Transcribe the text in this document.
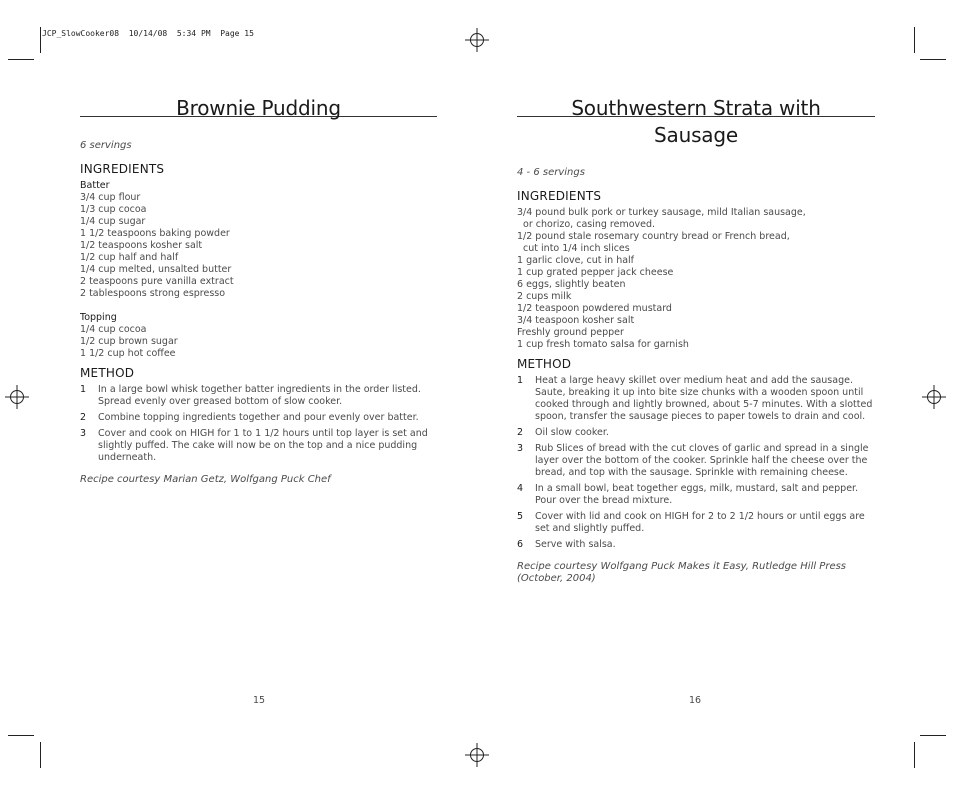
JCP_SlowCooker08  10/14/08  5:34 PM  Page 15
Brownie Pudding

6 servings

INGREDIENTS

Batter

3/4 cup flour

1/3 cup cocoa

1/4 cup sugar

1 1/2 teaspoons baking powder

1/2 teaspoons kosher salt

1/2 cup half and half

1/4 cup melted, unsalted butter

2 teaspoons pure vanilla extract

2 tablespoons strong espresso

Topping

1/4 cup cocoa

1/2 cup brown sugar

1 1/2 cup hot coffee

METHOD

1	In a large bowl whisk together batter ingredients in the order listed. Spread evenly over greased bottom of slow cooker.
2	Combine topping ingredients together and pour evenly over batter.
3	Cover and cook on HIGH for 1 to 1 1/2 hours until top layer is set and slightly puffed. The cake will now be on the top and a nice pudding underneath.

Recipe courtesy Marian Getz, Wolfgang Puck Chef

15
Southwestern Strata with
Sausage

4 - 6 servings

INGREDIENTS

3/4 pound bulk pork or turkey sausage, mild Italian sausage,

or chorizo, casing removed.

1/2 pound stale rosemary country bread or French bread,

cut into 1/4 inch slices

1 garlic clove, cut in half

1 cup grated pepper jack cheese

6 eggs, slightly beaten

2 cups milk

1/2 teaspoon powdered mustard

3/4 teaspoon kosher salt

Freshly ground pepper

1 cup fresh tomato salsa for garnish

METHOD

1	Heat a large heavy skillet over medium heat and add the sausage. Saute, breaking it up into bite size chunks with a wooden spoon until cooked through and lightly browned, about 5-7 minutes. With a slotted spoon, transfer the sausage pieces to paper towels to drain and cool.
2	Oil slow cooker.
3	Rub Slices of bread with the cut cloves of garlic and spread in a single layer over the bottom of the cooker. Sprinkle half the cheese over the bread, and top with the sausage. Sprinkle with remaining cheese.
4	In a small bowl, beat together eggs, milk, mustard, salt and pepper. Pour over the bread mixture.
5	Cover with lid and cook on HIGH for 2 to 2 1/2 hours or until eggs are set and slightly puffed.
6	Serve with salsa.

Recipe courtesy Wolfgang Puck Makes it Easy, Rutledge Hill Press (October, 2004)

16
